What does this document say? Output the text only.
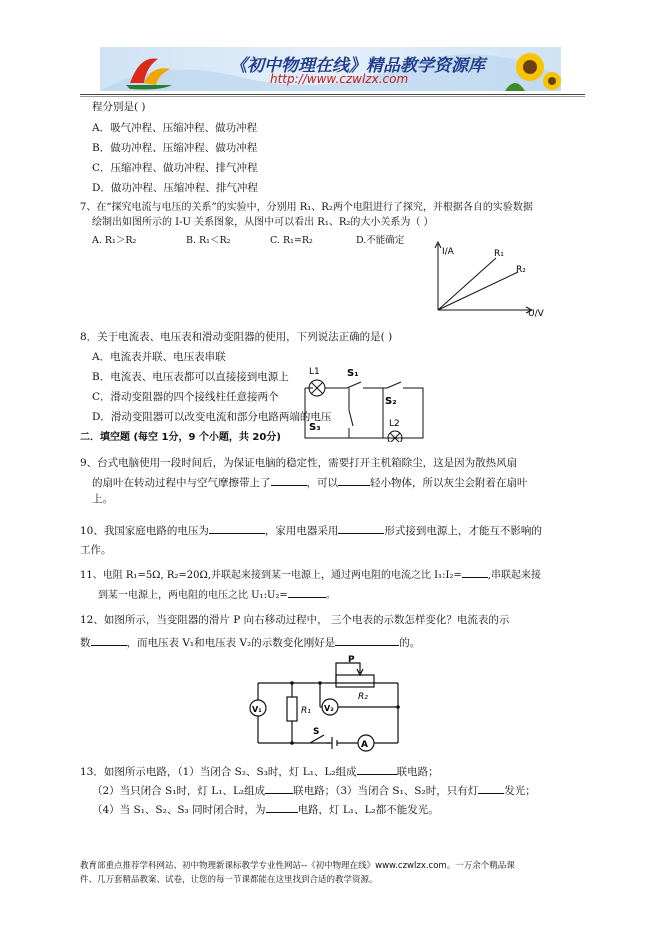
《初中物理在线》精品教学资源库
http://www.czwlzx.com
程分别是( )
A．吸气冲程、压缩冲程、做功冲程
B．做功冲程、压缩冲程、做功冲程
C．压缩冲程、做功冲程、排气冲程
D．做功冲程、压缩冲程、排气冲程
7、在“探究电流与电压的关系”的实验中，分别用 R₁、R₂两个电阻进行了探究，并根据各自的实验数据
绘制出如图所示的 I-U 关系图象，从图中可以看出 R₁、R₂的大小关系为（ ）
A. R₁＞R₂	B. R₁＜R₂	C. R₁=R₂	D.不能确定
I/A	R₁
R₂
U/V
8．关于电流表、电压表和滑动变阻器的使用，下列说法正确的是( )
A．电流表并联、电压表串联
B．电流表、电压表都可以直接接到电源上
C．滑动变阻器的四个接线柱任意接两个
D．滑动变阻器可以改变电流和部分电路两端的电压
L1	S₁
S₂
S₃	L2
二．填空题 (每空 1分，9 个小题，共 20分)
9、台式电脑使用一段时间后，为保证电脑的稳定性，需要打开主机箱除尘，这是因为散热风扇
的扇叶在转动过程中与空气摩擦带上了	，可以	轻小物体，所以灰尘会附着在扇叶
上。
10、我国家庭电路的电压为	，家用电器采用	形式接到电源上，才能互不影响的
工作。
11、电阻 R₁=5Ω, R₂=20Ω,并联起来接到某一电源上，通过两电阻的电流之比 I₁:I₂=	,串联起来接
到某一电源上，两电阻的电压之比 U₁:U₂=	。
12、如图所示，当变阻器的滑片 P 向右移动过程中， 三个电表的示数怎样变化？电流表的示
数	，而电压表 V₁和电压表 V₂的示数变化刚好是	的。
P
R₂
V₁	R₁ V₂
S
A
13．如图所示电路，（1）当闭合 S₂、S₃时，灯 L₁、L₂组成	联电路；
（2）当只闭合 S₁时，灯 L₁、L₂组成	联电路；（3）当闭合 S₁、S₂时，只有灯 发光；
（4）当 S₁、S₂、S₃ 同时闭合时，为	电路，灯 L₁、L₂都不能发光。
教育部重点推荐学科网站、初中物理新课标教学专业性网站--《初中物理在线》www.czwlzx.com。一万余个精品课
件、几万套精品教案、试卷，让您的每一节课都能在这里找到合适的教学资源。
